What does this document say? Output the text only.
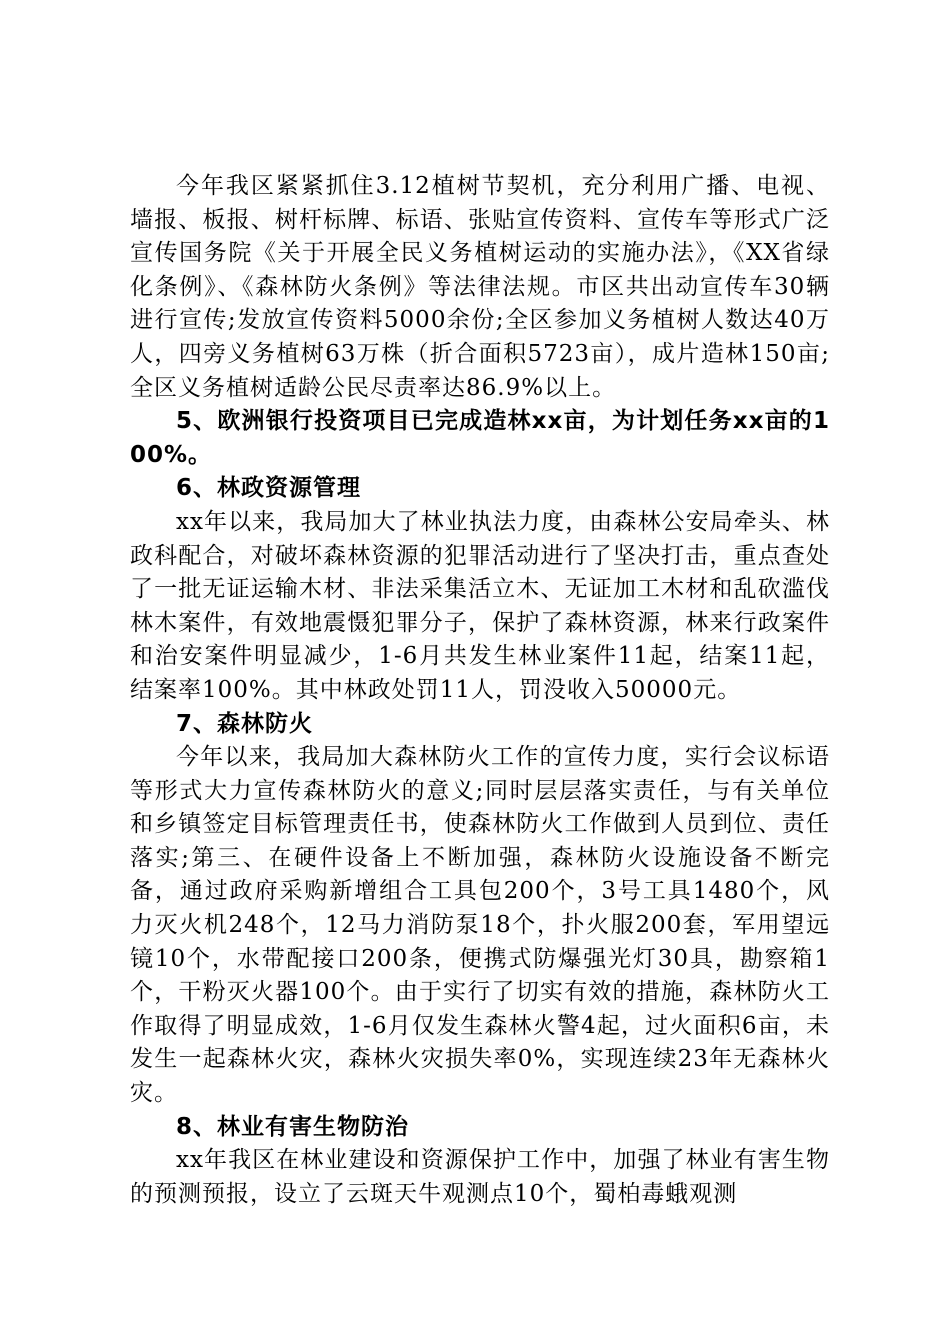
今年我区紧紧抓住3.12植树节契机，充分利用广播、电视、墙报、板报、树杆标牌、标语、张贴宣传资料、宣传车等形式广泛宣传国务院《关于开展全民义务植树运动的实施办法》，《XX省绿化条例》、《森林防火条例》等法律法规。市区共出动宣传车30辆进行宣传;发放宣传资料5000余份;全区参加义务植树人数达40万人，四旁义务植树63万株（折合面积5723亩），成片造林150亩;全区义务植树适龄公民尽责率达86.9%以上。

5、欧洲银行投资项目已完成造林xx亩，为计划任务xx亩的100%。

6、林政资源管理

xx年以来，我局加大了林业执法力度，由森林公安局牵头、林政科配合，对破坏森林资源的犯罪活动进行了坚决打击，重点查处了一批无证运输木材、非法采集活立木、无证加工木材和乱砍滥伐林木案件，有效地震慑犯罪分子，保护了森林资源，林来行政案件和治安案件明显减少，1-6月共发生林业案件11起，结案11起，结案率100%。其中林政处罚11人，罚没收入50000元。

7、森林防火

今年以来，我局加大森林防火工作的宣传力度，实行会议标语等形式大力宣传森林防火的意义;同时层层落实责任，与有关单位和乡镇签定目标管理责任书，使森林防火工作做到人员到位、责任落实;第三、在硬件设备上不断加强，森林防火设施设备不断完备，通过政府采购新增组合工具包200个，3号工具1480个，风力灭火机248个，12马力消防泵18个，扑火服200套，军用望远镜10个，水带配接口200条，便携式防爆强光灯30具，勘察箱1个，干粉灭火器100个。由于实行了切实有效的措施，森林防火工作取得了明显成效，1-6月仅发生森林火警4起，过火面积6亩，未发生一起森林火灾，森林火灾损失率0%，实现连续23年无森林火灾。

8、林业有害生物防治

xx年我区在林业建设和资源保护工作中，加强了林业有害生物的预测预报，设立了云斑天牛观测点10个，蜀柏毒蛾观测
